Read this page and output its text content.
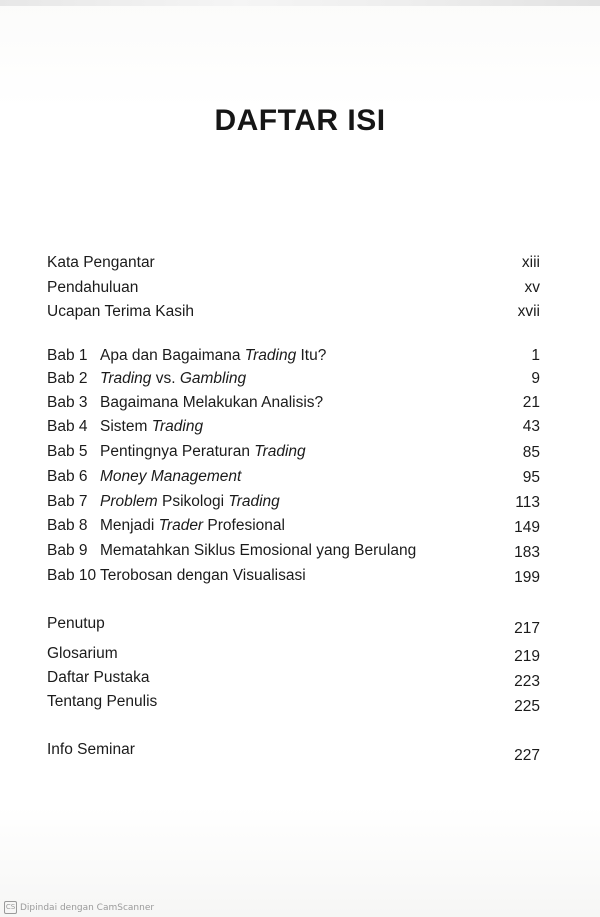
DAFTAR ISI
Kata Pengantar	xiii
Pendahuluan	xv
Ucapan Terima Kasih	xvii
Bab 1 Apa dan Bagaimana Trading Itu?	1
Bab 2 Trading vs. Gambling	9
Bab 3 Bagaimana Melakukan Analisis?	21
Bab 4 Sistem Trading	43
Bab 5 Pentingnya Peraturan Trading	85
Bab 6 Money Management	95
Bab 7 Problem Psikologi Trading	113
Bab 8 Menjadi Trader Profesional	149
Bab 9 Mematahkan Siklus Emosional yang Berulang	183
Bab 10 Terobosan dengan Visualisasi	199
Penutup	217
Glosarium	219
Daftar Pustaka	223
Tentang Penulis	225
Info Seminar	227
CS Dipindai dengan CamScanner
